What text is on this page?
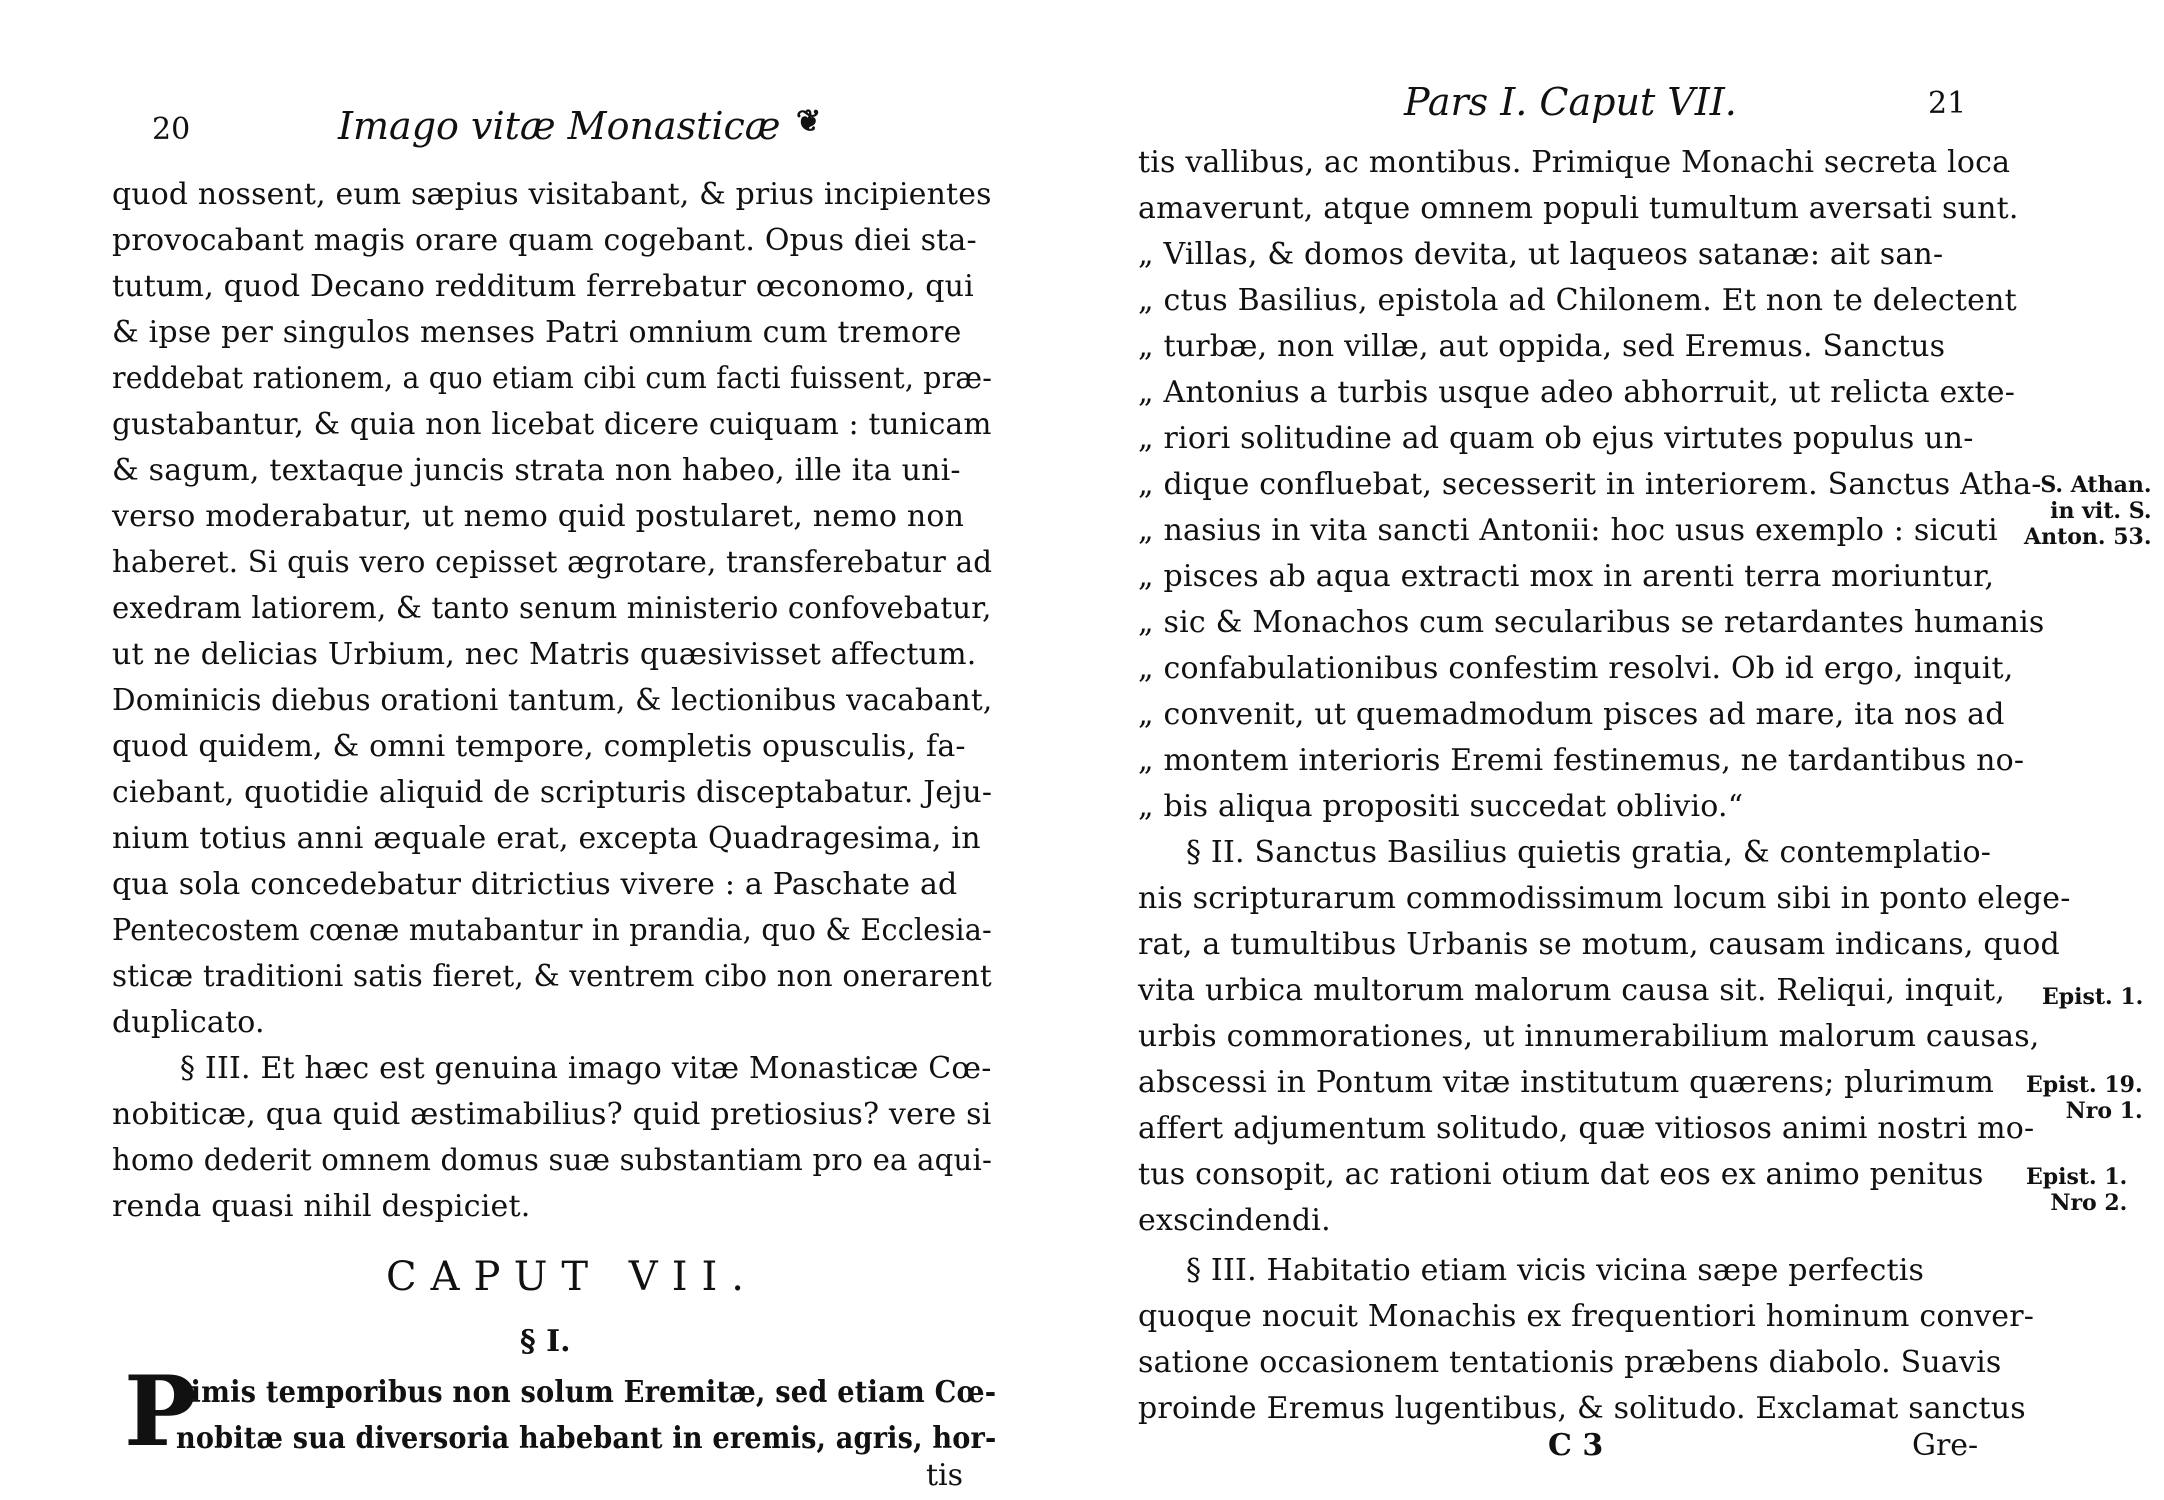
20	Imago vitæ Monasticæ ❦
quod nossent, eum sæpius visitabant, & prius incipientes
provocabant magis orare quam cogebant. Opus diei sta-
tutum, quod Decano redditum ferrebatur œconomo, qui
& ipse per singulos menses Patri omnium cum tremore
reddebat rationem, a quo etiam cibi cum facti fuissent, præ-
gustabantur, & quia non licebat dicere cuiquam : tunicam
& sagum, textaque juncis strata non habeo, ille ita uni-
verso moderabatur, ut nemo quid postularet, nemo non
haberet. Si quis vero cepisset ægrotare, transferebatur ad
exedram latiorem, & tanto senum ministerio confovebatur,
ut ne delicias Urbium, nec Matris quæsivisset affectum.
Dominicis diebus orationi tantum, & lectionibus vacabant,
quod quidem, & omni tempore, completis opusculis, fa-
ciebant, quotidie aliquid de scripturis disceptabatur. Jeju-
nium totius anni æquale erat, excepta Quadragesima, in
qua sola concedebatur ditrictius vivere : a Paschate ad
Pentecostem cœnæ mutabantur in prandia, quo & Ecclesia-
sticæ traditioni satis fieret, & ventrem cibo non onerarent
duplicato.
§ III. Et hæc est genuina imago vitæ Monasticæ Cœ-
nobiticæ, qua quid æstimabilius? quid pretiosius? vere si
homo dederit omnem domus suæ substantiam pro ea aqui-
renda quasi nihil despiciet.
CAPUT VII.
§ I.
P
rimis temporibus non solum Eremitæ, sed etiam Cœ-
nobitæ sua diversoria habebant in eremis, agris, hor-
tis
Pars I. Caput VII.	21
tis vallibus, ac montibus. Primique Monachi secreta loca
amaverunt, atque omnem populi tumultum aversati sunt.
„ Villas, & domos devita, ut laqueos satanæ: ait san-
„ ctus Basilius, epistola ad Chilonem. Et non te delectent
„ turbæ, non villæ, aut oppida, sed Eremus. Sanctus
„ Antonius a turbis usque adeo abhorruit, ut relicta exte-
„ riori solitudine ad quam ob ejus virtutes populus un-
„ dique confluebat, secesserit in interiorem. Sanctus Atha-
„ nasius in vita sancti Antonii: hoc usus exemplo : sicuti
„ pisces ab aqua extracti mox in arenti terra moriuntur,
„ sic & Monachos cum secularibus se retardantes humanis
„ confabulationibus confestim resolvi. Ob id ergo, inquit,
„ convenit, ut quemadmodum pisces ad mare, ita nos ad
„ montem interioris Eremi festinemus, ne tardantibus no-
„ bis aliqua propositi succedat oblivio.“
§ II. Sanctus Basilius quietis gratia, & contemplatio-
nis scripturarum commodissimum locum sibi in ponto elege-
rat, a tumultibus Urbanis se motum, causam indicans, quod
vita urbica multorum malorum causa sit. Reliqui, inquit,
urbis commorationes, ut innumerabilium malorum causas,
abscessi in Pontum vitæ institutum quærens; plurimum
affert adjumentum solitudo, quæ vitiosos animi nostri mo-
tus consopit, ac rationi otium dat eos ex animo penitus
exscindendi.
§ III. Habitatio etiam vicis vicina sæpe perfectis
quoque nocuit Monachis ex frequentiori hominum conver-
satione occasionem tentationis præbens diabolo. Suavis
proinde Eremus lugentibus, & solitudo. Exclamat sanctus
S. Athan.
in vit. S.
Anton. 53.
Epist. 1.
Epist. 19.
Nro 1.
Epist. 1.
Nro 2.
C 3	Gre-
